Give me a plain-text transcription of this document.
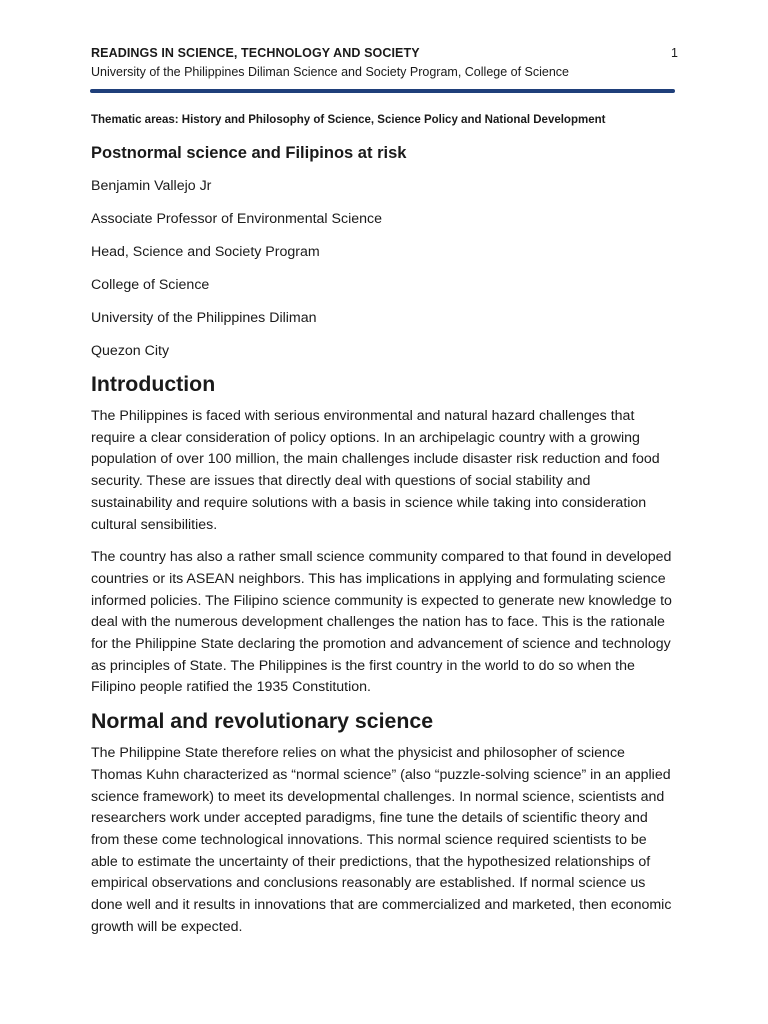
READINGS IN SCIENCE, TECHNOLOGY AND SOCIETY
University of the Philippines Diliman Science and Society Program, College of Science
1

Thematic areas: History and Philosophy of Science, Science Policy and National Development

Postnormal science and Filipinos at risk

Benjamin Vallejo Jr

Associate Professor of Environmental Science

Head, Science and Society Program

College of Science

University of the Philippines Diliman

Quezon City

Introduction

The Philippines is faced with serious environmental and natural hazard challenges that require a clear consideration of policy options. In an archipelagic country with a growing population of over 100 million, the main challenges include disaster risk reduction and food security. These are issues that directly deal with questions of social stability and sustainability and require solutions with a basis in science while taking into consideration cultural sensibilities.

The country has also a rather small science community compared to that found in developed countries or its ASEAN neighbors. This has implications in applying and formulating science informed policies. The Filipino science community is expected to generate new knowledge to deal with the numerous development challenges the nation has to face. This is the rationale for the Philippine State declaring the promotion and advancement of science and technology as principles of State. The Philippines is the first country in the world to do so when the Filipino people ratified the 1935 Constitution.

Normal and revolutionary science

The Philippine State therefore relies on what the physicist and philosopher of science Thomas Kuhn characterized as “normal science” (also “puzzle-solving science” in an applied science framework) to meet its developmental challenges. In normal science, scientists and researchers work under accepted paradigms, fine tune the details of scientific theory and from these come technological innovations. This normal science required scientists to be able to estimate the uncertainty of their predictions, that the hypothesized relationships of empirical observations and conclusions reasonably are established. If normal science us done well and it results in innovations that are commercialized and marketed, then economic growth will be expected.
